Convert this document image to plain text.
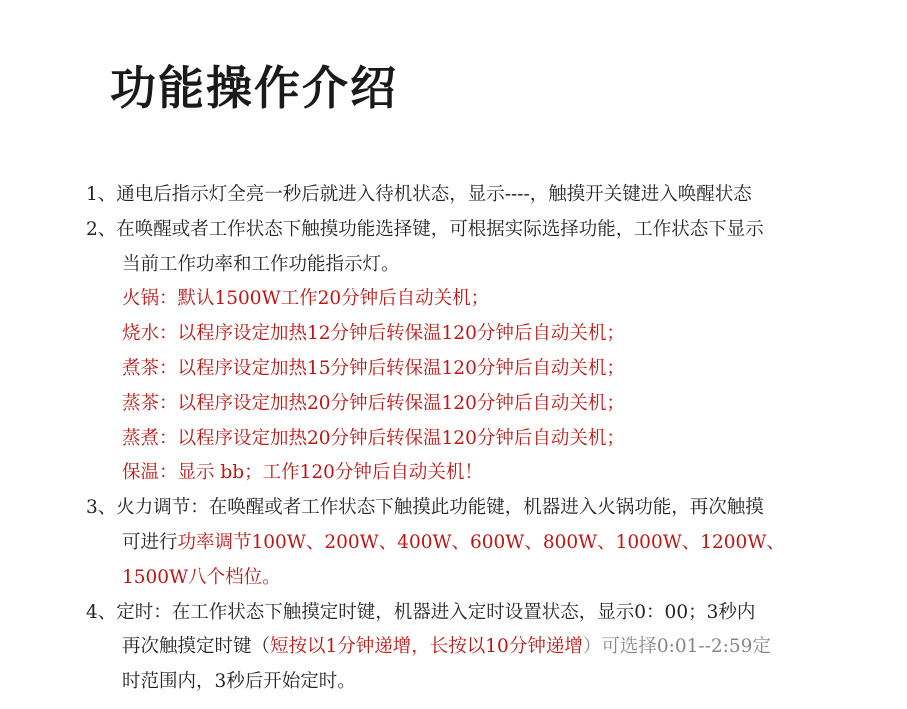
功能操作介绍
1、通电后指示灯全亮一秒后就进入待机状态，显示----，触摸开关键进入唤醒状态
2、在唤醒或者工作状态下触摸功能选择键，可根据实际选择功能，工作状态下显示
当前工作功率和工作功能指示灯。
火锅：默认1500W工作20分钟后自动关机；
烧水：以程序设定加热12分钟后转保温120分钟后自动关机；
煮茶：以程序设定加热15分钟后转保温120分钟后自动关机；
蒸茶：以程序设定加热20分钟后转保温120分钟后自动关机；
蒸煮：以程序设定加热20分钟后转保温120分钟后自动关机；
保温：显示 bb；工作120分钟后自动关机！
3、火力调节：在唤醒或者工作状态下触摸此功能键，机器进入火锅功能，再次触摸
可进行功率调节100W、200W、400W、600W、800W、1000W、1200W、
1500W八个档位。
4、定时：在工作状态下触摸定时键，机器进入定时设置状态，显示0：00；3秒内
再次触摸定时键（短按以1分钟递增，长按以10分钟递增）可选择0:01--2:59定
时范围内，3秒后开始定时。
